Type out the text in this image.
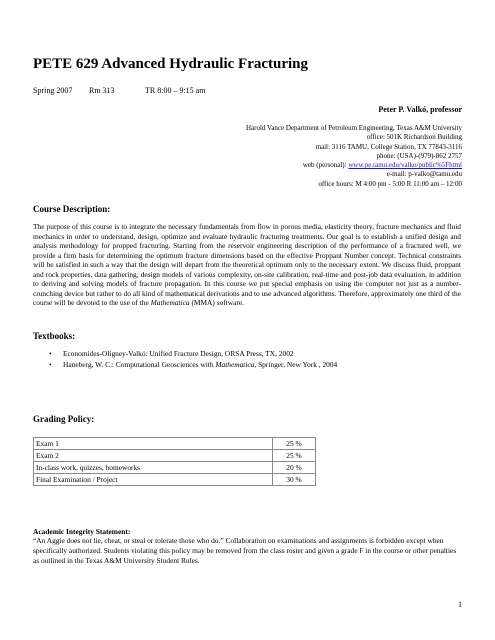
PETE 629 Advanced Hydraulic Fracturing
Spring 2007 Rm 313	TR 8:00 – 9:15 am
Peter P. Valkó, professor
Harold Vance Department of Petroleum Engineering, Texas A&M University
office: 501K Richardson Building
mail: 3116 TAMU, College Station, TX 77843-3116
phone: (USA)-(979)-862 2757
web (personal): www.pe.tamu.edu/valko/public%5Fhtml
e-mail: p-valko@tamu.edu
office hours: M 4:00 pm - 5:00 R 11:00 am – 12:00
Course Description:

The purpose of this course is to integrate the necessary fundamentals from flow in porous media, elasticity theory, fracture mechanics and fluid mechanics in order to understand, design, optimize and evaluate hydraulic fracturing treatments. Our goal is to establish a unified design and analysis methodology for propped fracturing. Starting from the reservoir engineering description of the performance of a fractured well, we provide a firm basis for determining the optimum fracture dimensions based on the effective Proppant Number concept. Technical constraints will be satisfied in such a way that the design will depart from the theoretical optimum only to the necessary extent. We discuss fluid, proppant and rock properties, data gathering, design models of various complexity, on-site calibration, real-time and post-job data evaluation, in addition to deriving and solving models of fracture propagation. In this course we put special emphasis on using the computer not just as a number-crunching device but rather to do all kind of mathematical derivations and to use advanced algorithms. Therefore, approximately one third of the course will be devoted to the use of the Mathematica (MMA) software.

Textbooks:
• Economides-Oligney-Valkó: Unified Fracture Design, ORSA Press, TX, 2002
• Haneberg, W. C.: Computational Geosciences with Mathematica, Springer, New York , 2004
Grading Policy:
Exam 1	25 %
Exam 2	25 %
In-class work, quizzes, homeworks	20 %
Final Examination / Project	30 %
Academic Integrity Statement:

“An Aggie does not lie, cheat, or steal or tolerate those who do.” Collaboration on examinations and assignments is forbidden except when specifically authorized. Students violating this policy may be removed from the class roster and given a grade F in the course or other penalties as outlined in the Texas A&M University Student Rules.

1
